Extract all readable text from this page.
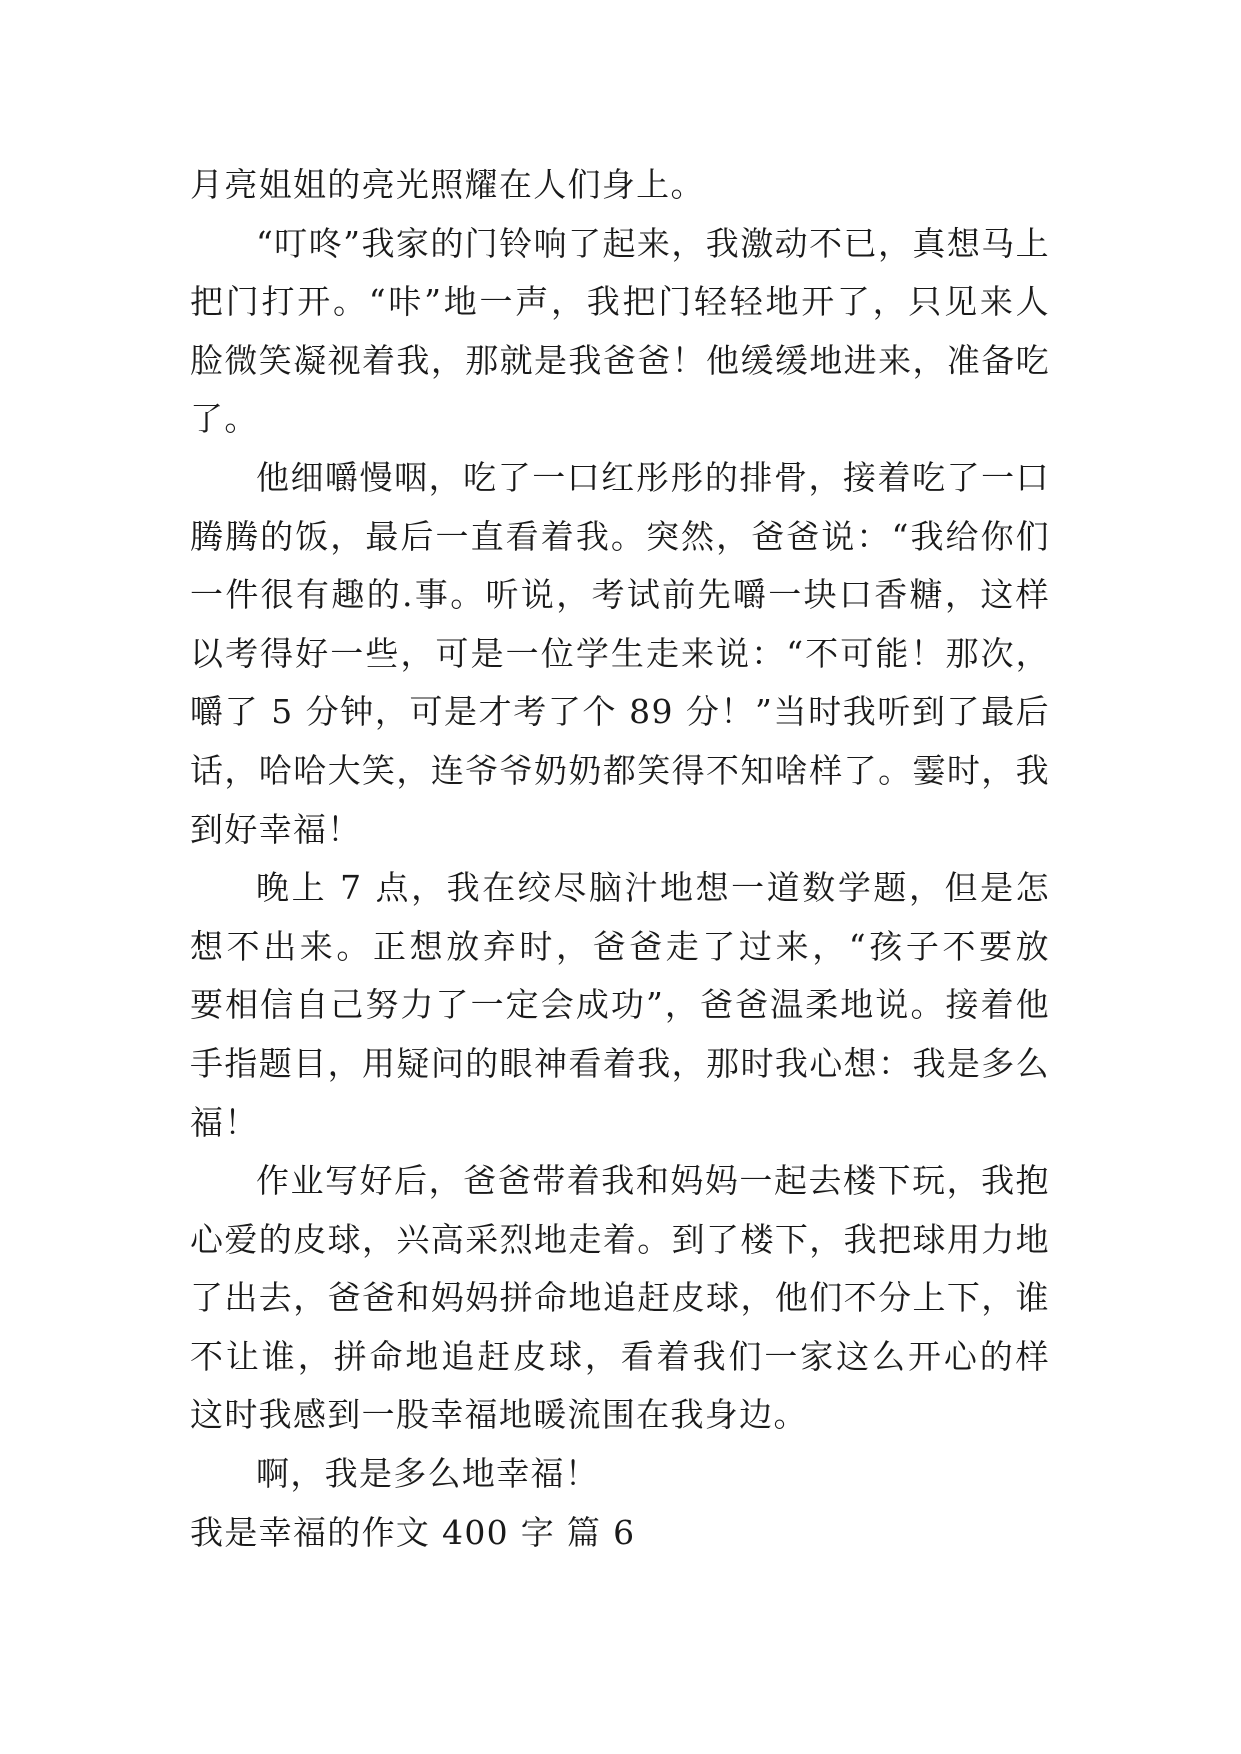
月亮姐姐的亮光照耀在人们身上。
“叮咚”我家的门铃响了起来，我激动不已，真想马上
把门打开。“咔”地一声，我把门轻轻地开了，只见来人
脸微笑凝视着我，那就是我爸爸！他缓缓地进来，准备吃
了。
他细嚼慢咽，吃了一口红彤彤的排骨，接着吃了一口
腾腾的饭，最后一直看着我。突然，爸爸说：“我给你们
一件很有趣的.事。听说，考试前先嚼一块口香糖，这样
以考得好一些，可是一位学生走来说：“不可能！那次，
嚼了 5 分钟，可是才考了个 89 分！”当时我听到了最后
话，哈哈大笑，连爷爷奶奶都笑得不知啥样了。霎时，我
到好幸福！
晚上 7 点，我在绞尽脑汁地想一道数学题，但是怎
想不出来。正想放弃时，爸爸走了过来，“孩子不要放
要相信自己努力了一定会成功”，爸爸温柔地说。接着他
手指题目，用疑问的眼神看着我，那时我心想：我是多么
福！
作业写好后，爸爸带着我和妈妈一起去楼下玩，我抱
心爱的皮球，兴高采烈地走着。到了楼下，我把球用力地
了出去，爸爸和妈妈拼命地追赶皮球，他们不分上下，谁
不让谁，拼命地追赶皮球，看着我们一家这么开心的样
这时我感到一股幸福地暖流围在我身边。
啊，我是多么地幸福！
我是幸福的作文 400 字 篇 6
